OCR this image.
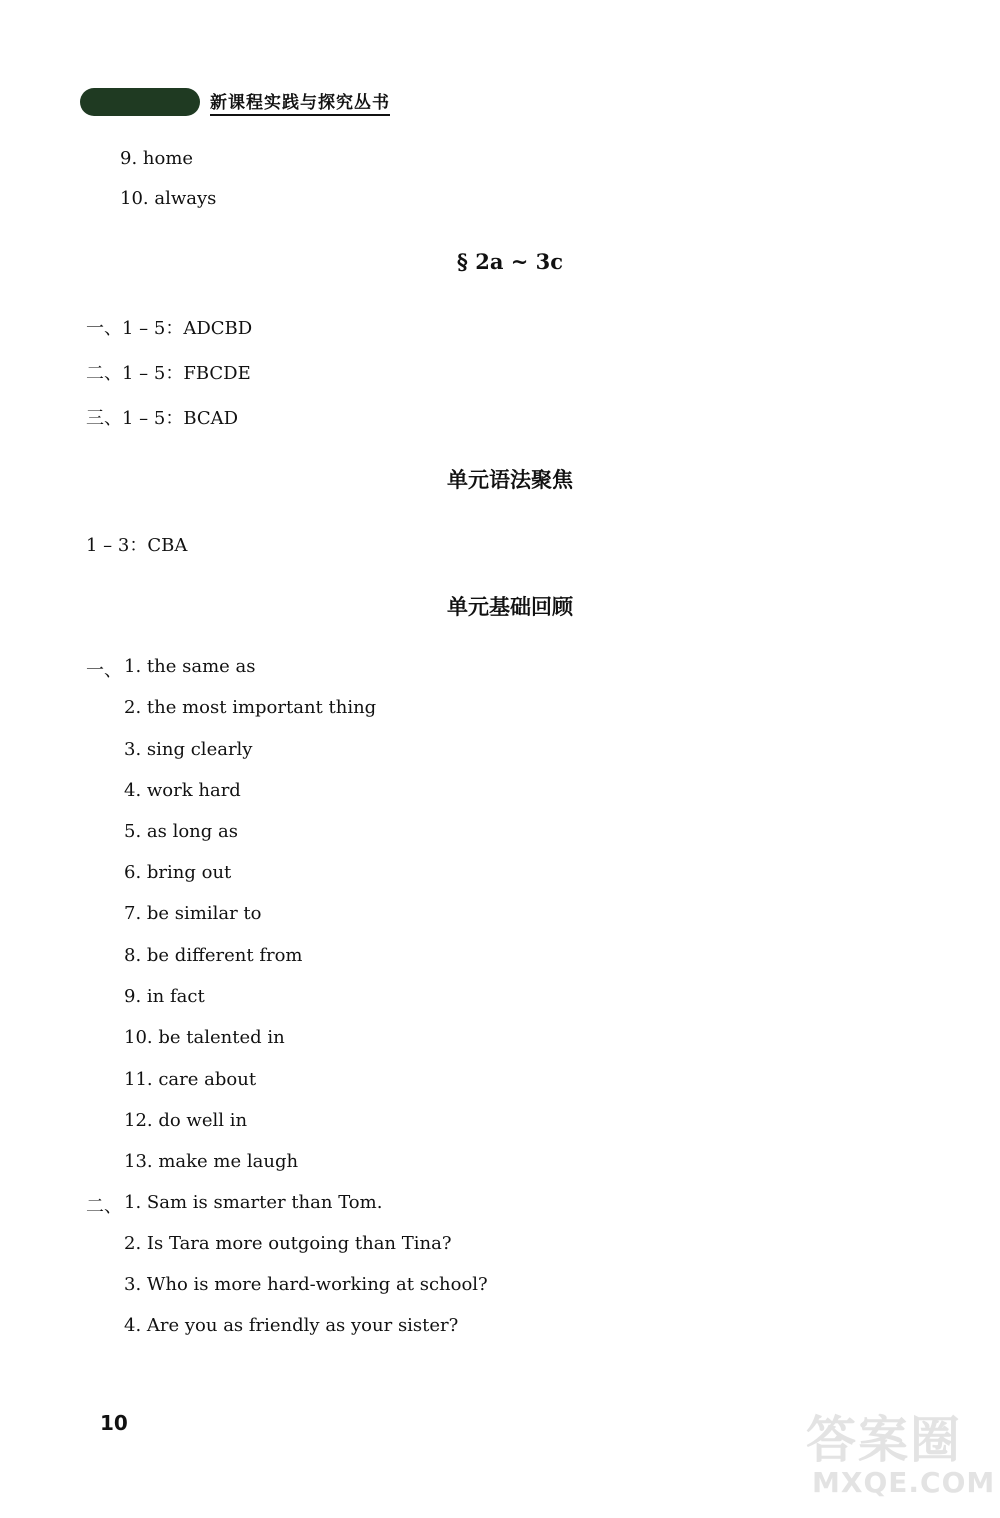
新课程实践与探究丛书
9. home
10. always
§ 2a ~ 3c
一、1 – 5：ADCBD
二、1 – 5：FBCDE
三、1 – 5：BCAD
单元语法聚焦
1 – 3：CBA
单元基础回顾
一、 1. the same as
2. the most important thing
3. sing clearly
4. work hard
5. as long as
6. bring out
7. be similar to
8. be different from
9. in fact
10. be talented in
11. care about
12. do well in
13. make me laugh
二、 1. Sam is smarter than Tom.
2. Is Tara more outgoing than Tina?
3. Who is more hard-working at school?
4. Are you as friendly as your sister?
10	答案圈
MXQE.COM
